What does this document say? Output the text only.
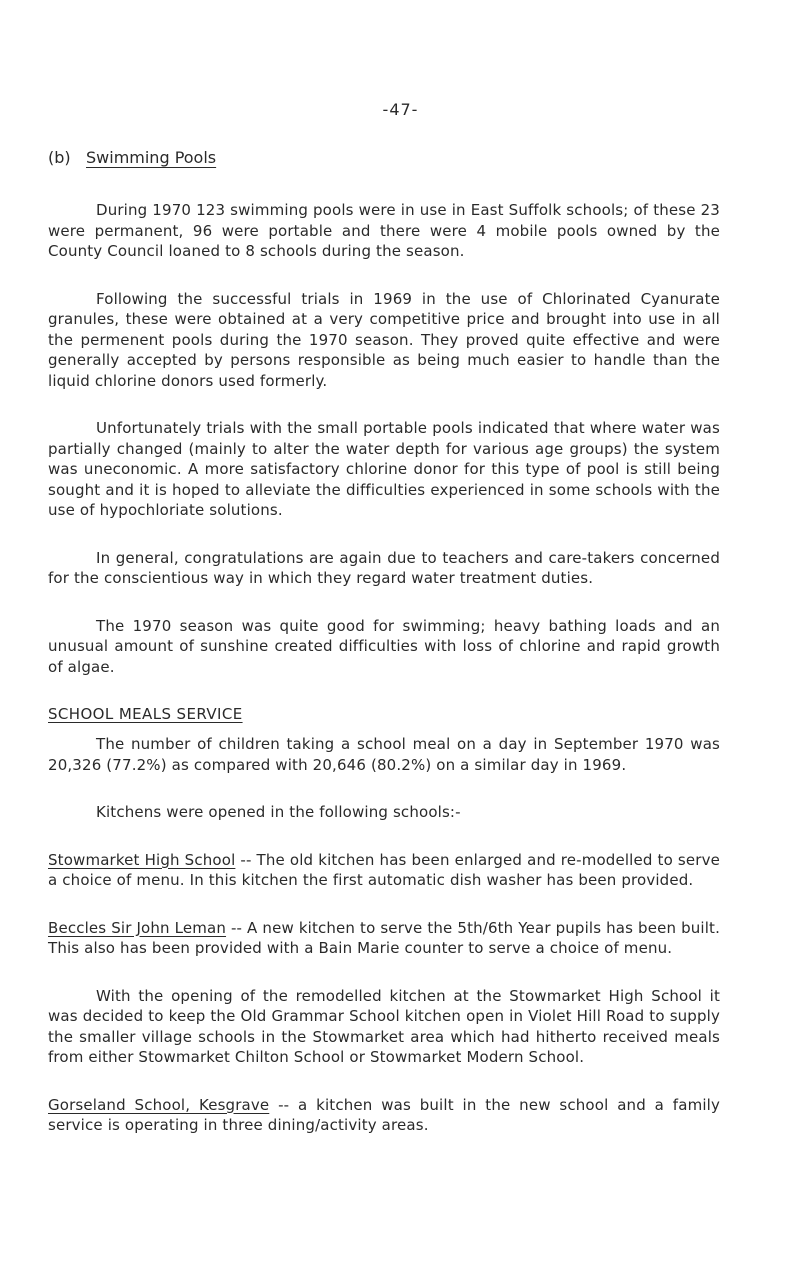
-47-
(b) Swimming Pools

During 1970 123 swimming pools were in use in East Suffolk schools; of these 23 were permanent, 96 were portable and there were 4 mobile pools owned by the County Council loaned to 8 schools during the season.

Following the successful trials in 1969 in the use of Chlorinated Cyanurate granules, these were obtained at a very competitive price and brought into use in all the permenent pools during the 1970 season. They proved quite effective and were generally accepted by persons responsible as being much easier to handle than the liquid chlorine donors used formerly.

Unfortunately trials with the small portable pools indicated that where water was partially changed (mainly to alter the water depth for various age groups) the system was uneconomic. A more satisfactory chlorine donor for this type of pool is still being sought and it is hoped to alleviate the difficulties experienced in some schools with the use of hypochloriate solutions.

In general, congratulations are again due to teachers and care-takers concerned for the conscientious way in which they regard water treatment duties.

The 1970 season was quite good for swimming; heavy bathing loads and an unusual amount of sunshine created difficulties with loss of chlorine and rapid growth of algae.

SCHOOL MEALS SERVICE

The number of children taking a school meal on a day in September 1970 was 20,326 (77.2%) as compared with 20,646 (80.2%) on a similar day in 1969.

Kitchens were opened in the following schools:-

Stowmarket High School -- The old kitchen has been enlarged and re-modelled to serve a choice of menu. In this kitchen the first automatic dish washer has been provided.

Beccles Sir John Leman -- A new kitchen to serve the 5th/6th Year pupils has been built. This also has been provided with a Bain Marie counter to serve a choice of menu.

With the opening of the remodelled kitchen at the Stowmarket High School it was decided to keep the Old Grammar School kitchen open in Violet Hill Road to supply the smaller village schools in the Stowmarket area which had hitherto received meals from either Stowmarket Chilton School or Stowmarket Modern School.

Gorseland School, Kesgrave -- a kitchen was built in the new school and a family service is operating in three dining/activity areas.
